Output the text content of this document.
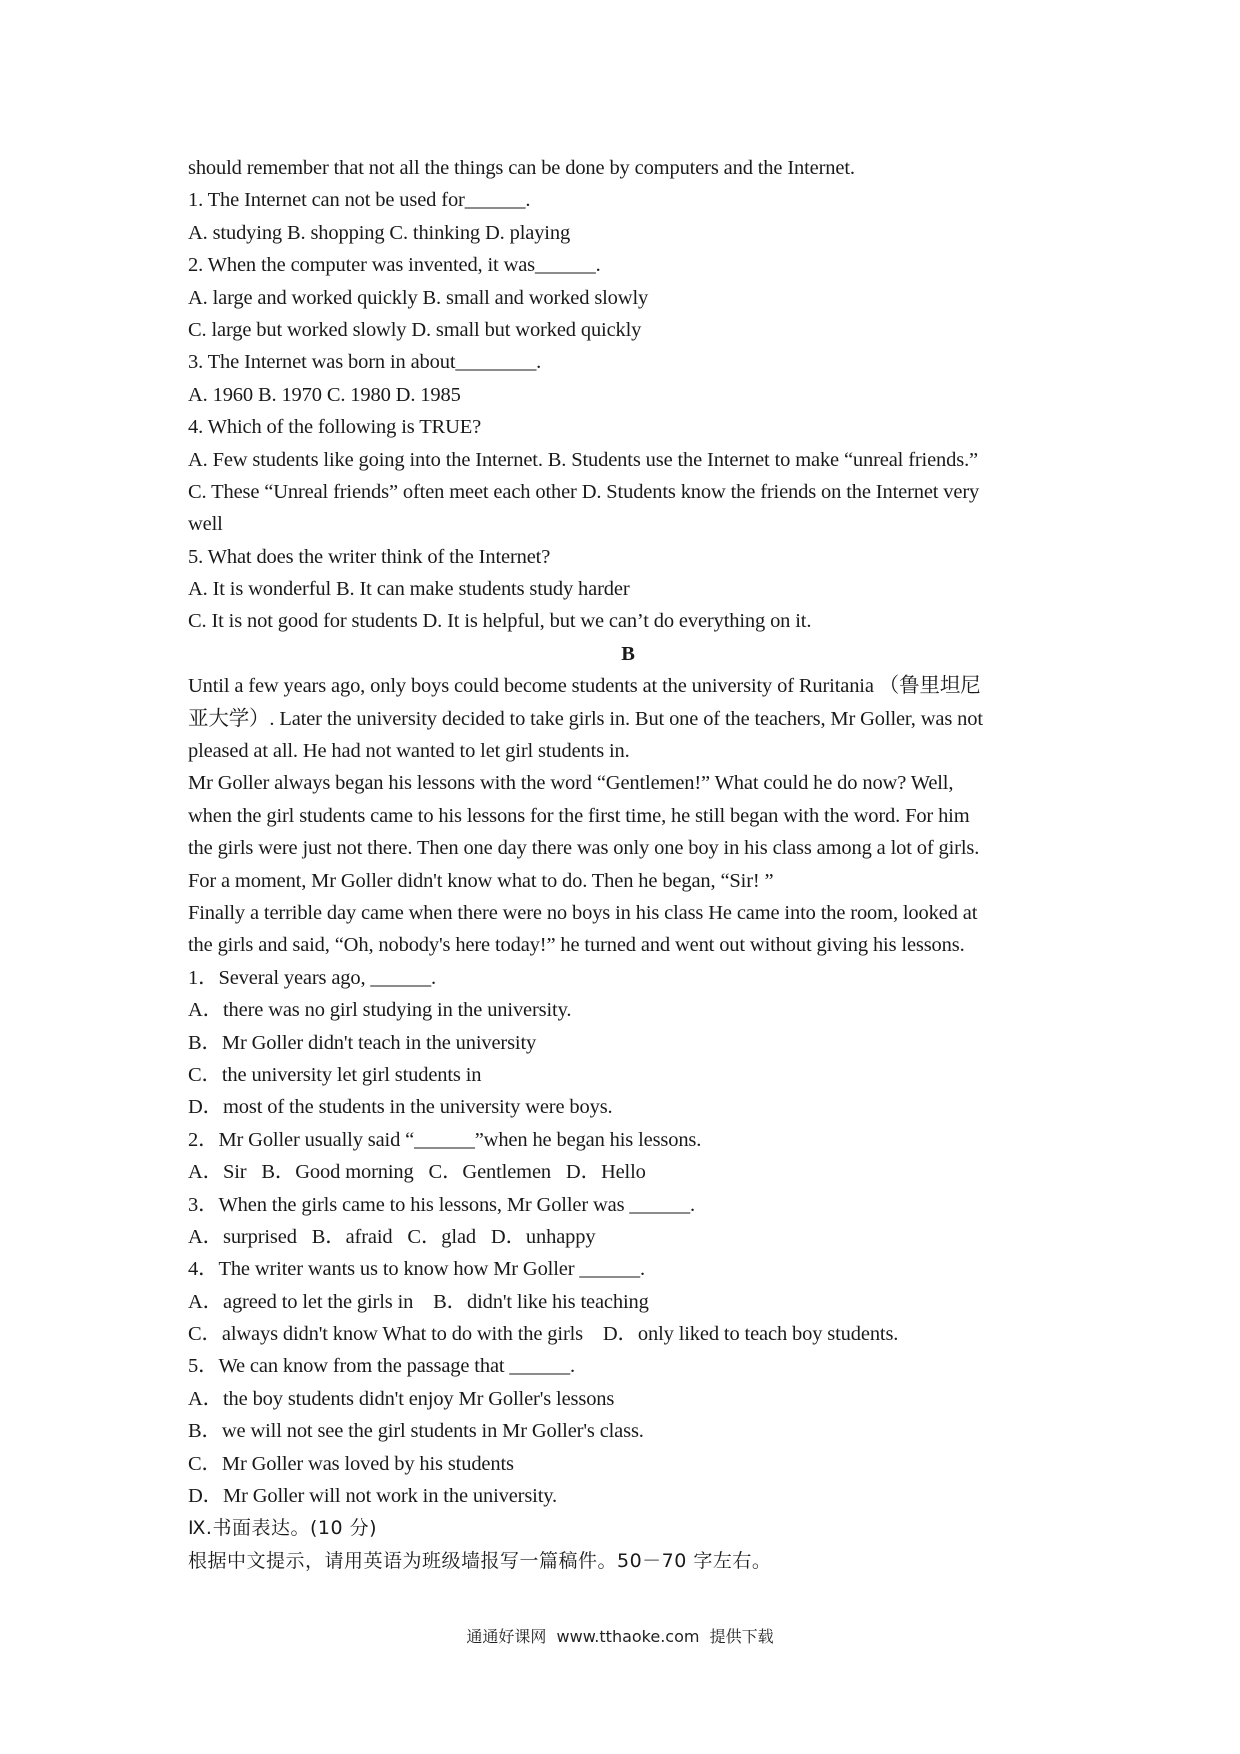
should remember that not all the things can be done by computers and the Internet.
1. The Internet can not be used for______.
A. studying B. shopping C. thinking D. playing
2. When the computer was invented, it was______.
A. large and worked quickly B. small and worked slowly
C. large but worked slowly D. small but worked quickly
3. The Internet was born in about________.
A. 1960 B. 1970 C. 1980 D. 1985
4. Which of the following is TRUE?
A. Few students like going into the Internet. B. Students use the Internet to make “unreal friends.”
C. These “Unreal friends” often meet each other D. Students know the friends on the Internet very
well
5. What does the writer think of the Internet?
A. It is wonderful B. It can make students study harder
C. It is not good for students D. It is helpful, but we can’t do everything on it.
B
Until a few years ago, only boys could become students at the university of Ruritania （鲁里坦尼
亚大学）. Later the university decided to take girls in. But one of the teachers, Mr Goller, was not
pleased at all. He had not wanted to let girl students in.
Mr Goller always began his lessons with the word “Gentlemen!” What could he do now? Well,
when the girl students came to his lessons for the first time, he still began with the word. For him
the girls were just not there. Then one day there was only one boy in his class among a lot of girls.
For a moment, Mr Goller didn't know what to do. Then he began, “Sir! ”
Finally a terrible day came when there were no boys in his class He came into the room, looked at
the girls and said, “Oh, nobody's here today!” he turned and went out without giving his lessons.
1．Several years ago, ______.
A．there was no girl studying in the university.
B．Mr Goller didn't teach in the university
C．the university let girl students in
D．most of the students in the university were boys.
2．Mr Goller usually said “______”when he began his lessons.
A．Sir   B．Good morning   C．Gentlemen   D．Hello
3．When the girls came to his lessons, Mr Goller was ______.
A．surprised   B．afraid   C．glad   D．unhappy
4．The writer wants us to know how Mr Goller ______.
A．agreed to let the girls in    B．didn't like his teaching
C．always didn't know What to do with the girls    D．only liked to teach boy students.
5．We can know from the passage that ______.
A．the boy students didn't enjoy Mr Goller's lessons
B．we will not see the girl students in Mr Goller's class.
C．Mr Goller was loved by his students
D．Mr Goller will not work in the university.
Ⅸ.书面表达。(10 分)
根据中文提示，请用英语为班级墙报写一篇稿件。50－70 字左右。
通通好课网  www.tthaoke.com  提供下载
